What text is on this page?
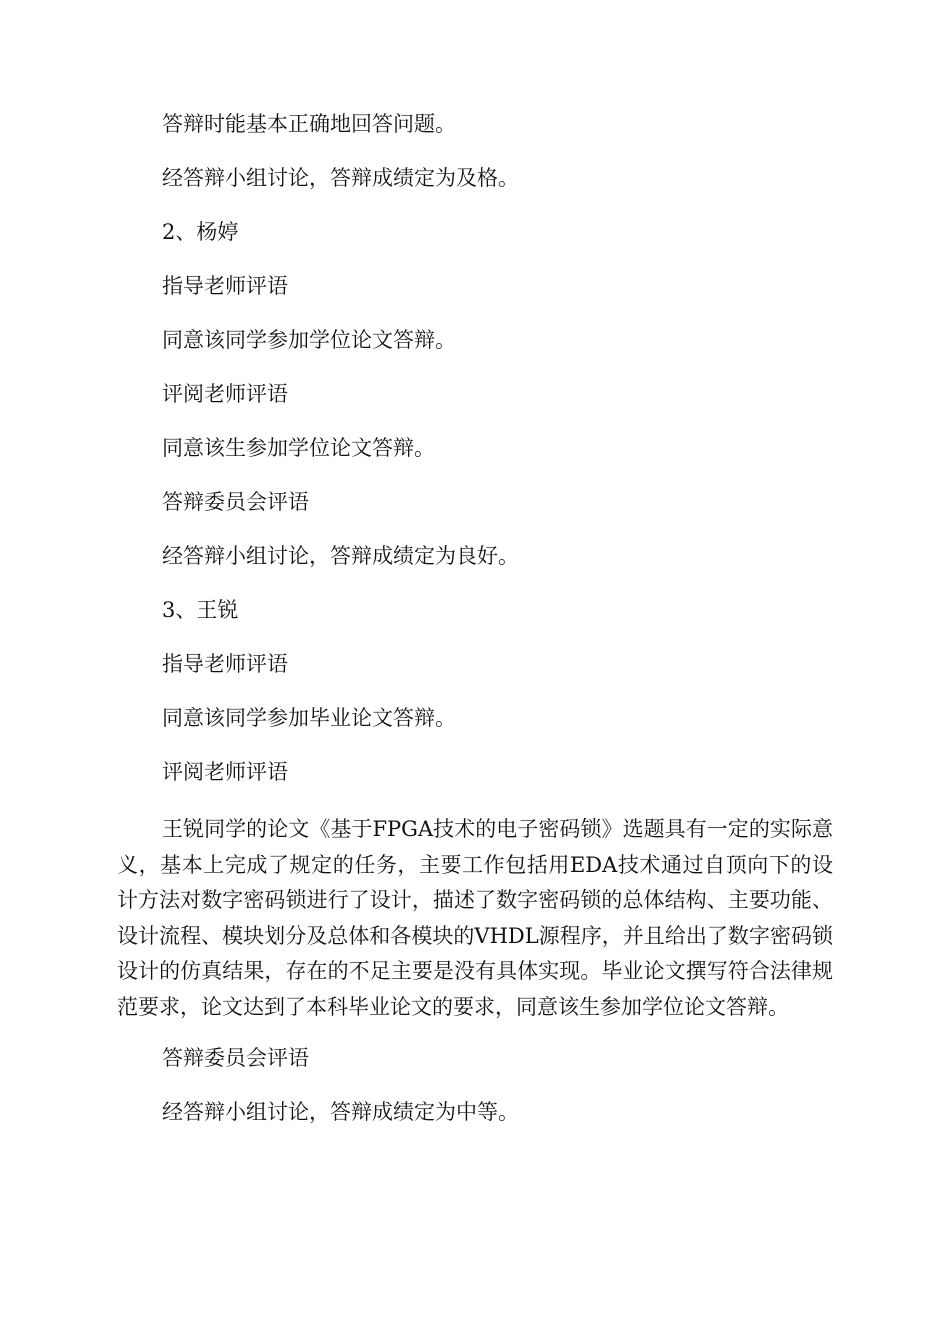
答辩时能基本正确地回答问题。

经答辩小组讨论，答辩成绩定为及格。

2、杨婷

指导老师评语

同意该同学参加学位论文答辩。

评阅老师评语

同意该生参加学位论文答辩。

答辩委员会评语

经答辩小组讨论，答辩成绩定为良好。

3、王锐

指导老师评语

同意该同学参加毕业论文答辩。

评阅老师评语

王锐同学的论文《基于FPGA技术的电子密码锁》选题具有一定的实际意义，基本上完成了规定的任务，主要工作包括用EDA技术通过自顶向下的设计方法对数字密码锁进行了设计，描述了数字密码锁的总体结构、主要功能、设计流程、模块划分及总体和各模块的VHDL源程序，并且给出了数字密码锁设计的仿真结果，存在的不足主要是没有具体实现。毕业论文撰写符合法律规范要求，论文达到了本科毕业论文的要求，同意该生参加学位论文答辩。

答辩委员会评语

经答辩小组讨论，答辩成绩定为中等。
